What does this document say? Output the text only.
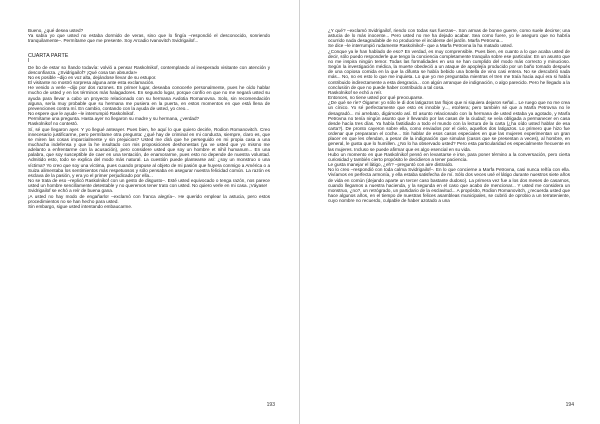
Bueno, ¿qué desea usted?

Ya sabía yo que usted no estaba dormido de veras, sino que lo fingía –respondió el desconocido, sonriendo tranquilamente–. Permítame que me presente. Soy Arcadio Ivanovitch Svidrigailof...

CUARTA PARTE

I

De bo de estar so ñando todavía: volvió a pensar Raskolnikof, contemplando al inesperado visitante con atención y desconfianza. ¿Svidrigailof? ¡Qué cosa tan absurda!»

No es posible –dijo en voz alta, dejándose llevar de su estupor.

El visitante no mostró sorpresa alguna ante esta exclamación.

He venido a verle –dijo por dos razones. En primer lugar, deseaba conocerle personalmente, pues he oído hablar mucho de usted y en los términos más halagadores. En segundo lugar, porque confío en que no me negará usted su ayuda para llevar a cabo un proyecto relacionado con su hermana Avdotia Romanovna. Solo, sin recomendación alguna, sería muy probable que su hermana me pusiera en la puerta, en estos momentos en que está llena de prevenciones contra mí. En cambio, contando con la ayuda de usted, yo creo...

No espere que le ayude –le interrumpió Raskolnikof.

Permítame una pregunta. Hasta ayer no llegaron su madre y su hermana, ¿verdad?

Raskolnikof no contestó.

Sí, sé que llegaron ayer. Y yo llegué anteayer. Pues bien, he aquí lo que quiero decirle, Rodion Romanovitch. Creo innecesario justificarme, pero permítame otra pregunta: ¿qué hay de criminal en mi conducta, siempre, claro es, que se miren las cosas imparcialmente y sin prejuicios? Usted me dirá que he perseguido en mi propia casa a una muchacha indefensa y que la he insultado con mis proposiciones deshonestas (ya ve usted que yo mismo me adelanto a enfrentarme con la acusación), pero considere usted que soy un hombre et nihil humanum... En una palabra, que soy susceptible de caer en una tentación, de enamorarme, pues esto no depende de nuestra voluntad. Admitido esto, todo se explica del modo más natural. La cuestión puede plantearse así: ¿soy un monstruo o una víctima? Yo creo que soy una víctima, pues cuando propuse al objeto de mi pasión que huyera conmigo a América o a Suiza alimentaba los sentimientos más respetuosos y sólo pensaba en asegurar nuestra felicidad común. La razón es esclava de la pasión, y era yo el primer perjudicado por ella...

No se trata de eso –replicó Raskolnikof con un gesto de disgusto–. Esté usted equivocado o tenga razón, nos parece usted un hombre sencillamente detestable y no queremos tener trato con usted. No quiero verle en mi casa. ¡Váyase!

Svidrigailof se echó a reír de buena gana.

¡A usted no hay modo de engañarlo! –exclamó con franca alegría–. He querido emplear la astucia, pero estos procedimientos no se han hecho para usted.

Sin embargo, sigue usted intentando embaucarme.

193

¿Y qué? –exclamó Svidrigailof, riendo con todas sus fuerzas–. Son armas de bonne guerre, como suele decirse; una astucia de lo más inocente... Pero usted no me ha dejado acabar. Sea como fuere, yo le aseguro que no habría ocurrido nada desagradable de no producirse el incidente del jardín. Marfa Petrovna...

Se dice –le interrumpió rudamente Raskolnikof– que a Marfa Petrovna la ha matado usted.

¿Conque ya le han hablado de eso? En verdad, es muy comprensible. Pues bien, en cuanto a lo que acaba usted de decir, sólo puedo responderle que tengo la conciencia completamente tranquila sobre ese particular. En un asunto que no me inspira ningún temor. Todas las formalidades en uso se han cumplido del modo más correcto y minucioso. Según la investigación médica, la muerte obedeció a un ataque de apoplejía producido por un baño tomado después de una copiosa comida en la que la difunta se había bebido una botella de vino casi entera. No se descubrió nada más... No, no es esto lo que me inquieta. Lo que yo me preguntaba mientras el tren me traía hacia aquí era si había contribuido indirectamente a esta desgracia... con algún arranque de indignación, o algo parecido. Pero he llegado a la conclusión de que no puede haber contribuido a tal cosa.

Raskolnikof se echó a reír.

Entonces, no tiene usted por qué preocuparse.

¿De qué se ríe? Óigame: yo sólo le di dos latigazos tan flojos que ni siquiera dejaron señal... Le ruego que no me crea un cínico. Yo sé perfectamente que esto es innoble y..., etcétera; pero también sé que a Marfa Petrovna no le desagradó... mi arrebato, digámoslo así. El asunto relacionado con la hermana de usted estaba ya agotado, y Marfa Petrovna no tenía ningún asunto que ir llevando por las casas de la ciudad; se veía obligada a permanecer en casa desde hacía tres días. Ya había fastidiado a todo el mundo con la lectura de la carta (¿ha oído usted hablar de esa carta?). De pronto cayeron sobre ella, como enviados por el cielo, aquellos dos latigazos. Lo primero que hizo fue ordenar que prepararan el coche... Sin hablar de esos casos especiales en que las mujeres experimentan un gran placer en que les ofendan, a pesar de la indignación que simulan (casos que se presentan a veces), al hombre, en general, le gusta que lo humillen. ¿No lo ha observado usted? Pero esta particularidad es especialmente frecuente en las mujeres. Incluso se puede afirmar que es algo esencial en su vida.

Hubo un momento en que Raskolnikof pensó en levantarse e irse, para poner término a la conversación, pero cierta curiosidad y también cierto propósito le decidieron a tener paciencia.

Le gusta manejar el látigo, ¿eh? –preguntó con aire distraído.

No lo creo –respondió con toda calma Svidrigailof–. En lo que concierne a Marfa Petrovna, casi nunca reñía con ella. Vivíamos en perfecta armonía, y ella estaba satisfecha de mí. Sólo dos veces usé el látigo durante nuestros siete años de vida en común (dejando aparte un tercer caso bastante dudoso). La primera vez fue a los dos meses de casarnos, cuando llegamos a nuestra hacienda, y la segunda en el caso que acabo de mencionar... Y usted me considera un monstruo, ¿no?, un retrógrado, un partidario de la esclavitud... A propósito, Rodion Romanovitch, ¿recuerda usted que hace algunos años, en el tiempo de nuestras felices asambleas municipales, se cubrió de oprobio a un terrateniente, cuyo nombre no recuerdo, culpable de haber azotado a una

194
